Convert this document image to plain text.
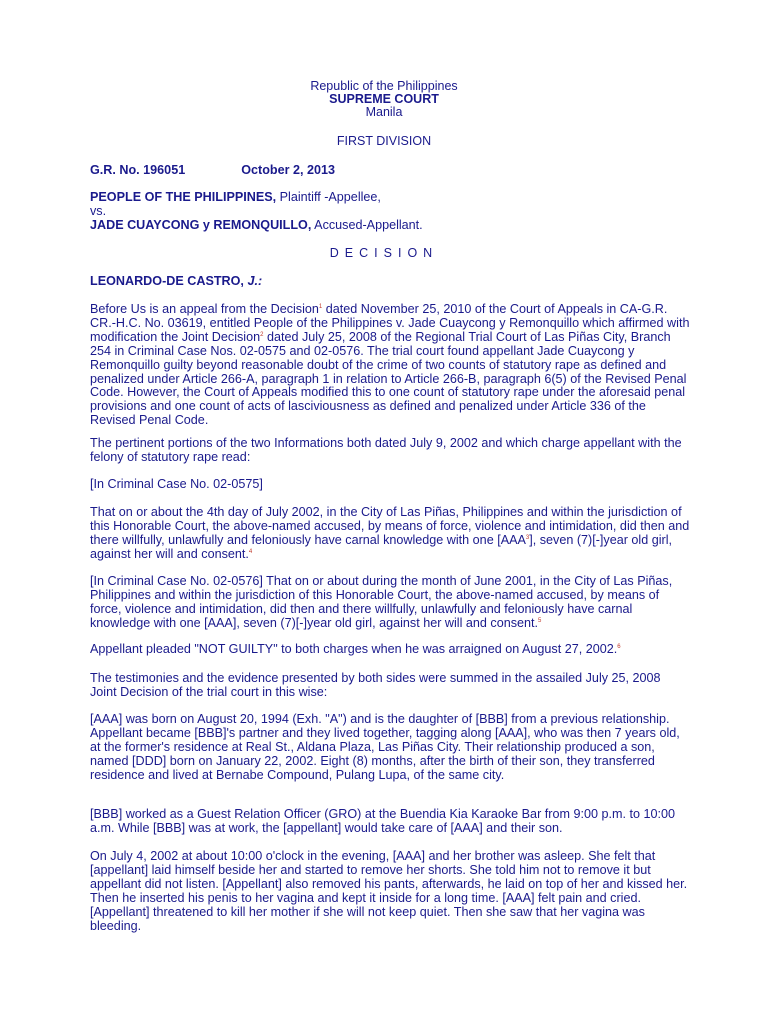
Republic of the Philippines
SUPREME COURT
Manila
FIRST DIVISION
G.R. No. 196051	October 2, 2013
PEOPLE OF THE PHILIPPINES, Plaintiff -Appellee,
vs.
JADE CUAYCONG y REMONQUILLO, Accused-Appellant.
DECISION
LEONARDO-DE CASTRO, J.:
Before Us is an appeal from the Decision$^1$ dated November 25, 2010 of the Court of Appeals in CA-G.R. CR.-H.C. No. 03619, entitled People of the Philippines v. Jade Cuaycong y Remonquillo which affirmed with modification the Joint Decision$^2$ dated July 25, 2008 of the Regional Trial Court of Las Piñas City, Branch 254 in Criminal Case Nos. 02-0575 and 02-0576. The trial court found appellant Jade Cuaycong y Remonquillo guilty beyond reasonable doubt of the crime of two counts of statutory rape as defined and penalized under Article 266-A, paragraph 1 in relation to Article 266-B, paragraph 6(5) of the Revised Penal Code. However, the Court of Appeals modified this to one count of statutory rape under the aforesaid penal provisions and one count of acts of lasciviousness as defined and penalized under Article 336 of the Revised Penal Code.
The pertinent portions of the two Informations both dated July 9, 2002 and which charge appellant with the felony of statutory rape read:
[In Criminal Case No. 02-0575]
That on or about the 4th day of July 2002, in the City of Las Piñas, Philippines and within the jurisdiction of this Honorable Court, the above-named accused, by means of force, violence and intimidation, did then and there willfully, unlawfully and feloniously have carnal knowledge with one [AAA$^3$], seven (7)[-]year old girl, against her will and consent.$^4$
[In Criminal Case No. 02-0576] That on or about during the month of June 2001, in the City of Las Piñas, Philippines and within the jurisdiction of this Honorable Court, the above-named accused, by means of force, violence and intimidation, did then and there willfully, unlawfully and feloniously have carnal knowledge with one [AAA], seven (7)[-]year old girl, against her will and consent.$^5$
Appellant pleaded "NOT GUILTY" to both charges when he was arraigned on August 27, 2002.$^6$
The testimonies and the evidence presented by both sides were summed in the assailed July 25, 2008 Joint Decision of the trial court in this wise:
[AAA] was born on August 20, 1994 (Exh. "A") and is the daughter of [BBB] from a previous relationship. Appellant became [BBB]'s partner and they lived together, tagging along [AAA], who was then 7 years old, at the former's residence at Real St., Aldana Plaza, Las Piñas City. Their relationship produced a son, named [DDD] born on January 22, 2002. Eight (8) months, after the birth of their son, they transferred residence and lived at Bernabe Compound, Pulang Lupa, of the same city.
[BBB] worked as a Guest Relation Officer (GRO) at the Buendia Kia Karaoke Bar from 9:00 p.m. to 10:00 a.m. While [BBB] was at work, the [appellant] would take care of [AAA] and their son.
On July 4, 2002 at about 10:00 o'clock in the evening, [AAA] and her brother was asleep. She felt that [appellant] laid himself beside her and started to remove her shorts. She told him not to remove it but appellant did not listen. [Appellant] also removed his pants, afterwards, he laid on top of her and kissed her. Then he inserted his penis to her vagina and kept it inside for a long time. [AAA] felt pain and cried. [Appellant] threatened to kill her mother if she will not keep quiet. Then she saw that her vagina was bleeding.
